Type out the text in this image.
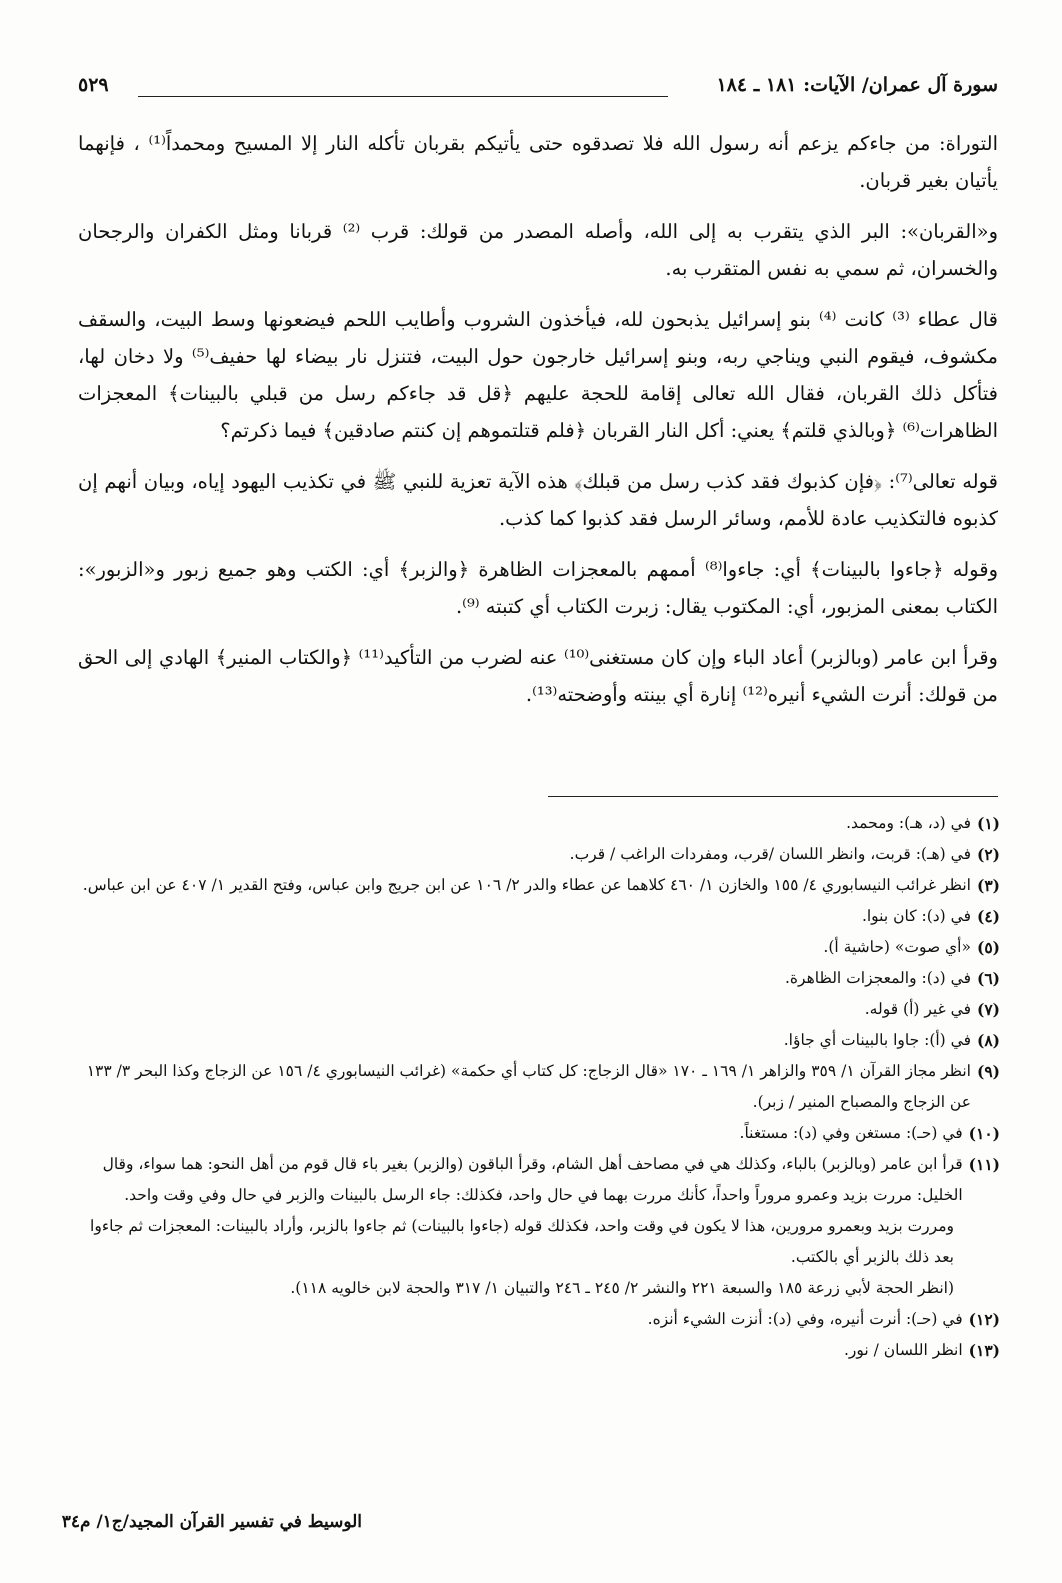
سورة آل عمران/ الآيات: ١٨١ ـ ١٨٤
٥٢٩

التوراة: من جاءكم يزعم أنه رسول الله فلا تصدقوه حتى يأتيكم بقربان تأكله النار إلا المسيح ومحمداً⁽¹⁾ ، فإنهما يأتيان بغير قربان.

و«القربان»: البر الذي يتقرب به إلى الله، وأصله المصدر من قولك: قرب ⁽²⁾ قربانا ومثل الكفران والرجحان والخسران، ثم سمي به نفس المتقرب به.

قال عطاء ⁽³⁾ كانت ⁽⁴⁾ بنو إسرائيل يذبحون لله، فيأخذون الشروب وأطايب اللحم فيضعونها وسط البيت، والسقف مكشوف، فيقوم النبي ويناجي ربه، وبنو إسرائيل خارجون حول البيت، فتنزل نار بيضاء لها حفيف⁽⁵⁾ ولا دخان لها، فتأكل ذلك القربان، فقال الله تعالى إقامة للحجة عليهم ﴿قل قد جاءكم رسل من قبلي بالبينات﴾ المعجزات الظاهرات⁽⁶⁾ ﴿وبالذي قلتم﴾ يعني: أكل النار القربان ﴿فلم قتلتموهم إن كنتم صادقين﴾ فيما ذكرتم؟

قوله تعالى⁽⁷⁾: ﴿فإن كذبوك فقد كذب رسل من قبلك﴾ هذه الآية تعزية للنبي ﷺ في تكذيب اليهود إياه، وبيان أنهم إن كذبوه فالتكذيب عادة للأمم، وسائر الرسل فقد كذبوا كما كذب.

وقوله ﴿جاءوا بالبينات﴾ أي: جاءوا⁽⁸⁾ أممهم بالمعجزات الظاهرة ﴿والزبر﴾ أي: الكتب وهو جميع زبور و«الزبور»: الكتاب بمعنى المزبور، أي: المكتوب يقال: زبرت الكتاب أي كتبته ⁽⁹⁾.

وقرأ ابن عامر (وبالزبر) أعاد الباء وإن كان مستغنى⁽¹⁰⁾ عنه لضرب من التأكيد⁽¹¹⁾ ﴿والكتاب المنير﴾ الهادي إلى الحق من قولك: أنرت الشيء أنيره⁽¹²⁾ إنارة أي بينته وأوضحته⁽¹³⁾.

(١)
في (د، هـ): ومحمد.
(٢)
في (هـ): قربت، وانظر اللسان /قرب، ومفردات الراغب / قرب.
(٣)
انظر غرائب النيسابوري ٤/ ١٥٥ والخازن ١/ ٤٦٠ كلاهما عن عطاء والدر ٢/ ١٠٦ عن ابن جريج وابن عباس، وفتح القدير ١/ ٤٠٧ عن ابن عباس.
(٤)
في (د): كان بنوا.
(٥)
«أي صوت» (حاشية أ).
(٦)
في (د): والمعجزات الظاهرة.
(٧)
في غير (أ) قوله.
(٨)
في (أ): جاوا بالبينات أي جاؤا.
(٩)
انظر مجاز القرآن ١/ ٣٥٩ والزاهر ١/ ١٦٩ ـ ١٧٠ «قال الزجاج: كل كتاب أي حكمة» (غرائب النيسابوري ٤/ ١٥٦ عن الزجاج وكذا البحر ٣/ ١٣٣ عن الزجاج والمصباح المنير / زبر).
(١٠)
في (حـ): مستغن وفي (د): مستغناً.
(١١)
قرأ ابن عامر (وبالزبر) بالباء، وكذلك هي في مصاحف أهل الشام، وقرأ الباقون (والزبر) بغير باء قال قوم من أهل النحو: هما سواء، وقال الخليل: مررت بزيد وعمرو مروراً واحداً، كأنك مررت بهما في حال واحد، فكذلك: جاء الرسل بالبينات والزبر في حال وفي وقت واحد.
ومررت بزيد وبعمرو مرورين، هذا لا يكون في وقت واحد، فكذلك قوله (جاءوا بالبينات) ثم جاءوا بالزبر، وأراد بالبينات: المعجزات ثم جاءوا بعد ذلك بالزبر أي بالكتب.
(انظر الحجة لأبي زرعة ١٨٥ والسبعة ٢٢١ والنشر ٢/ ٢٤٥ ـ ٢٤٦ والتبيان ١/ ٣١٧ والحجة لابن خالويه ١١٨).
(١٢)
في (حـ): أنرت أنيره، وفي (د): أنزت الشيء أنزه.
(١٣)
انظر اللسان / نور.
الوسيط في تفسير القرآن المجيد/ج١/ م٣٤
